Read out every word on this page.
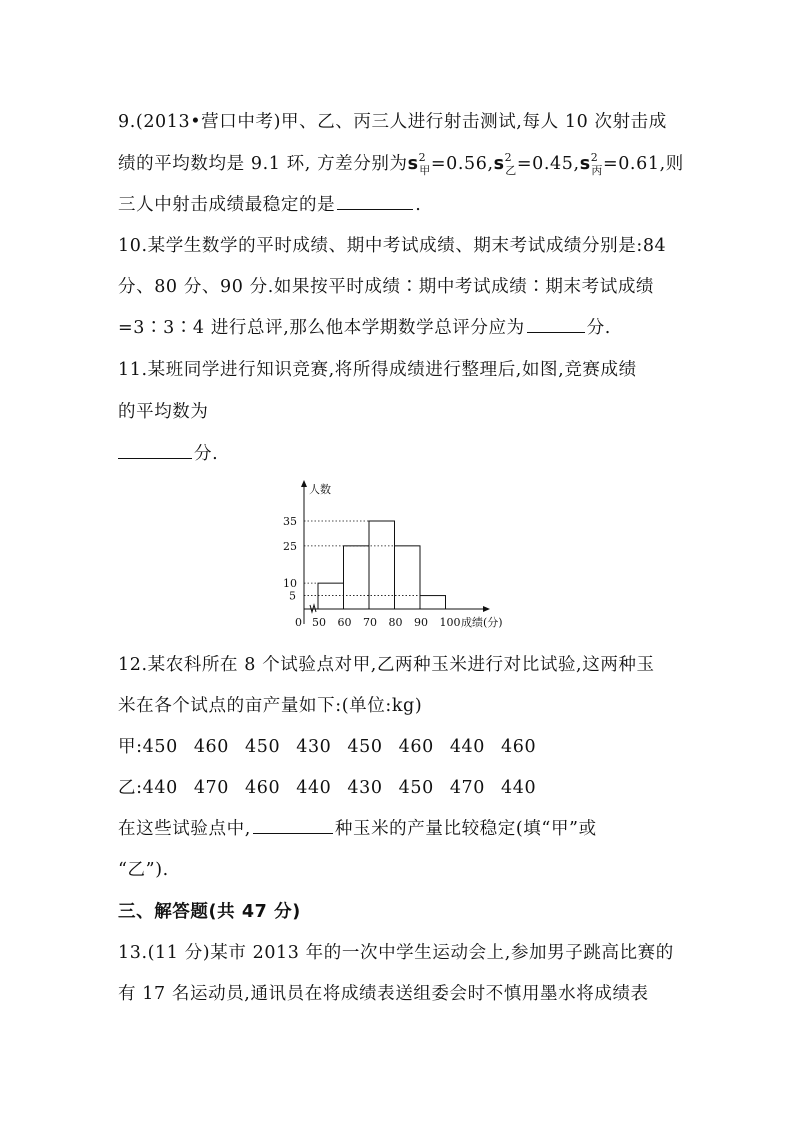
9.(2013•营口中考)甲、乙、丙三人进行射击测试,每人 10 次射击成
绩的平均数均是 9.1 环, 方差分别为$s^2_甲=0.56,s^2_乙=0.45,s^2_丙=0.61$,则
三人中射击成绩最稳定的是	.
10.某学生数学的平时成绩、期中考试成绩、期末考试成绩分别是:84
分、80 分、90 分.如果按平时成绩∶期中考试成绩∶期末考试成绩
=3∶3∶4 进行总评,那么他本学期数学总评分应为	分.
11.某班同学进行知识竞赛,将所得成绩进行整理后,如图,竞赛成绩
的平均数为
分.
人数
成绩(分)
0 50 60 70 80 90 100
5
10
25
35
12.某农科所在 8 个试验点对甲,乙两种玉米进行对比试验,这两种玉
米在各个试点的亩产量如下:(单位:kg)
甲:450 460 450 430 450 460 440 460
乙:440 470 460 440 430 450 470 440
在这些试验点中,	种玉米的产量比较稳定(填“甲”或
“乙”).
三、解答题(共 47 分)
13.(11 分)某市 2013 年的一次中学生运动会上,参加男子跳高比赛的
有 17 名运动员,通讯员在将成绩表送组委会时不慎用墨水将成绩表
